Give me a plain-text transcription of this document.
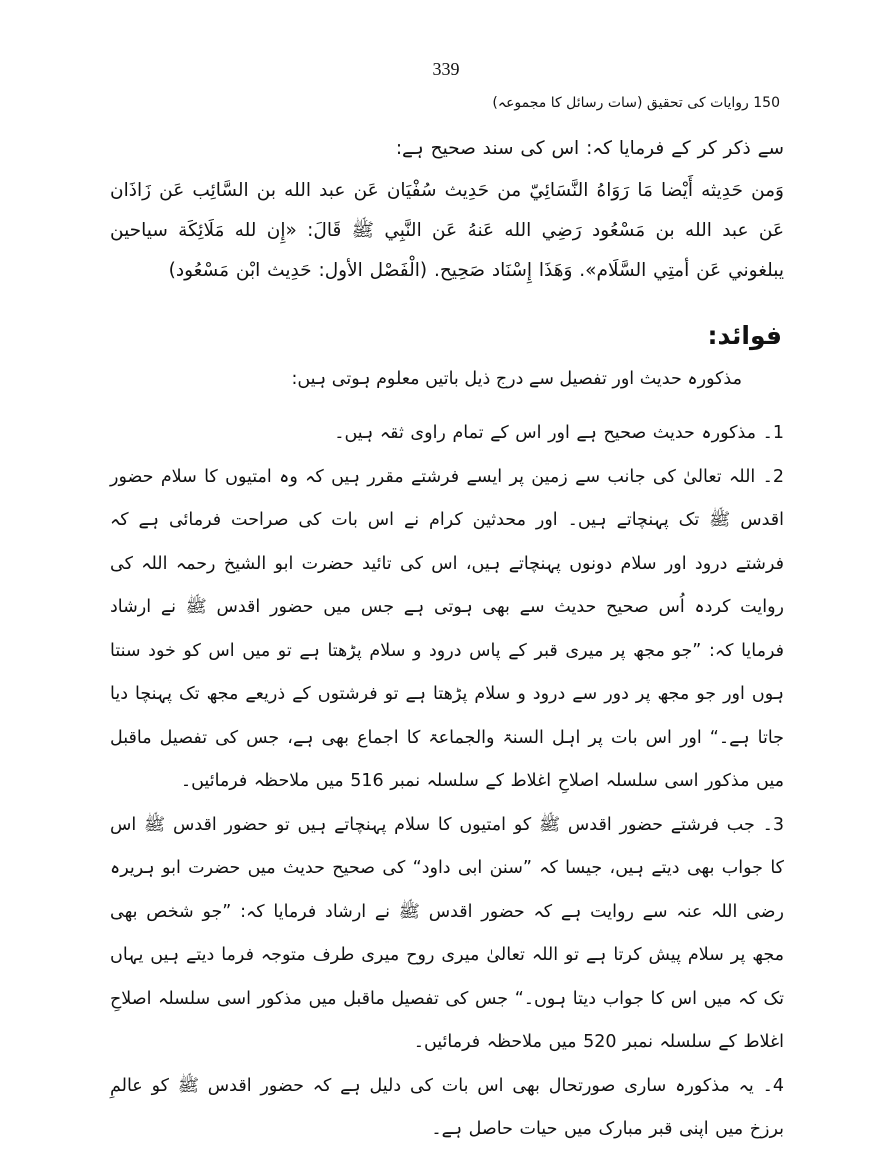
339
150 روایات کی تحقیق (سات رسائل کا مجموعہ)
سے ذکر کر کے فرمایا کہ: اس کی سند صحیح ہے:
وَمن حَدِيثه أَيْضا مَا رَوَاهُ النَّسَائِيّ من حَدِيث سُفْيَان عَن عبد الله بن السَّائِب عَن زَاذَان عَن عبد الله بن مَسْعُود رَضِي الله عَنهُ عَن النَّبِي ﷺ قَالَ: «إِن لله مَلَائِكَة سياحين يبلغوني عَن أمتِي السَّلَام». وَهَذَا إِسْنَاد صَحِيح. (الْفَصْل الأول: حَدِيث ابْن مَسْعُود)
فوائد:
مذکورہ حدیث اور تفصیل سے درج ذیل باتیں معلوم ہوتی ہیں:

1۔ مذکورہ حدیث صحیح ہے اور اس کے تمام راوی ثقہ ہیں۔

2۔ اللہ تعالیٰ کی جانب سے زمین پر ایسے فرشتے مقرر ہیں کہ وہ امتیوں کا سلام حضور اقدس ﷺ تک پہنچاتے ہیں۔ اور محدثین کرام نے اس بات کی صراحت فرمائی ہے کہ فرشتے درود اور سلام دونوں پہنچاتے ہیں، اس کی تائید حضرت ابو الشیخ رحمہ اللہ کی روایت کردہ اُس صحیح حدیث سے بھی ہوتی ہے جس میں حضور اقدس ﷺ نے ارشاد فرمایا کہ: ”جو مجھ پر میری قبر کے پاس درود و سلام پڑھتا ہے تو میں اس کو خود سنتا ہوں اور جو مجھ پر دور سے درود و سلام پڑھتا ہے تو فرشتوں کے ذریعے مجھ تک پہنچا دیا جاتا ہے۔“ اور اس بات پر اہل السنۃ والجماعۃ کا اجماع بھی ہے، جس کی تفصیل ماقبل میں مذکور اسی سلسلہ اصلاحِ اغلاط کے سلسلہ نمبر 516 میں ملاحظہ فرمائیں۔

3۔ جب فرشتے حضور اقدس ﷺ کو امتیوں کا سلام پہنچاتے ہیں تو حضور اقدس ﷺ اس کا جواب بھی دیتے ہیں، جیسا کہ ”سنن ابی داود“ کی صحیح حدیث میں حضرت ابو ہریرہ رضی اللہ عنہ سے روایت ہے کہ حضور اقدس ﷺ نے ارشاد فرمایا کہ: ”جو شخص بھی مجھ پر سلام پیش کرتا ہے تو اللہ تعالیٰ میری روح میری طرف متوجہ فرما دیتے ہیں یہاں تک کہ میں اس کا جواب دیتا ہوں۔“ جس کی تفصیل ماقبل میں مذکور اسی سلسلہ اصلاحِ اغلاط کے سلسلہ نمبر 520 میں ملاحظہ فرمائیں۔

4۔ یہ مذکورہ ساری صورتحال بھی اس بات کی دلیل ہے کہ حضور اقدس ﷺ کو عالمِ برزخ میں اپنی قبر مبارک میں حیات حاصل ہے۔
